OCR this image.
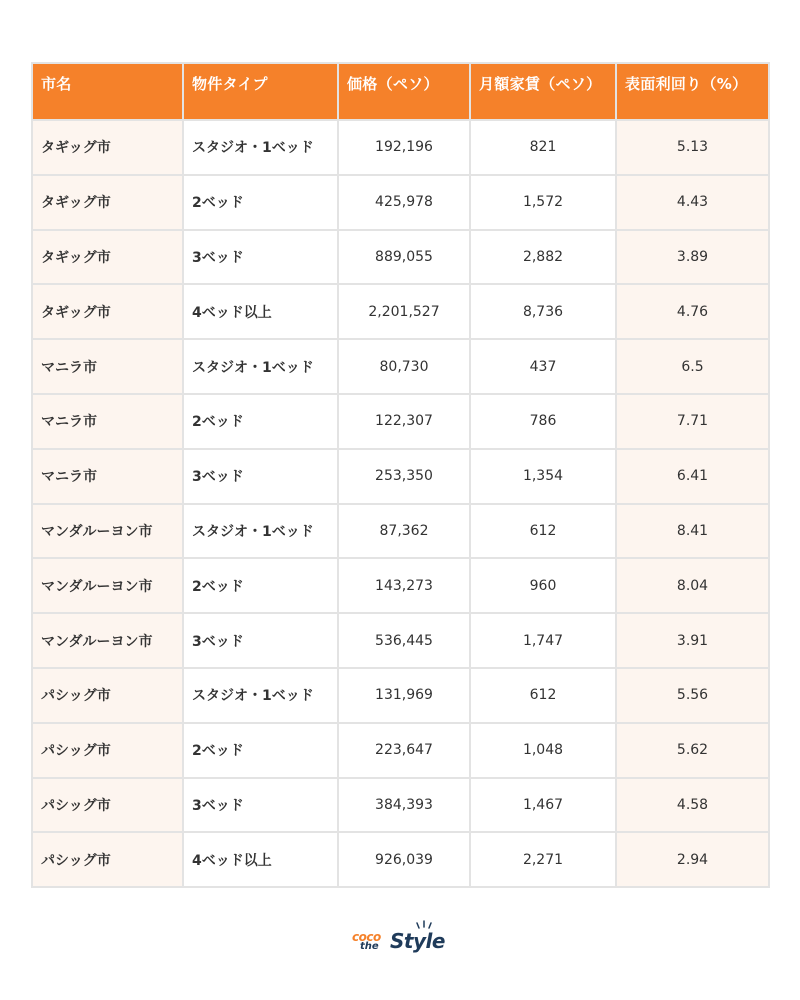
市名	物件タイプ	価格（ペソ）	月額家賃（ペソ）	表面利回り（%）
タギッグ市	スタジオ・1ベッド	192,196	821	5.13
タギッグ市	2ベッド	425,978	1,572	4.43
タギッグ市	3ベッド	889,055	2,882	3.89
タギッグ市	4ベッド以上	2,201,527	8,736	4.76
マニラ市	スタジオ・1ベッド	80,730	437	6.5
マニラ市	2ベッド	122,307	786	7.71
マニラ市	3ベッド	253,350	1,354	6.41
マンダルーヨン市	スタジオ・1ベッド	87,362	612	8.41
マンダルーヨン市	2ベッド	143,273	960	8.04
マンダルーヨン市	3ベッド	536,445	1,747	3.91
パシッグ市	スタジオ・1ベッド	131,969	612	5.56
パシッグ市	2ベッド	223,647	1,048	5.62
パシッグ市	3ベッド	384,393	1,467	4.58
パシッグ市	4ベッド以上	926,039	2,271	2.94
coco
the Style
